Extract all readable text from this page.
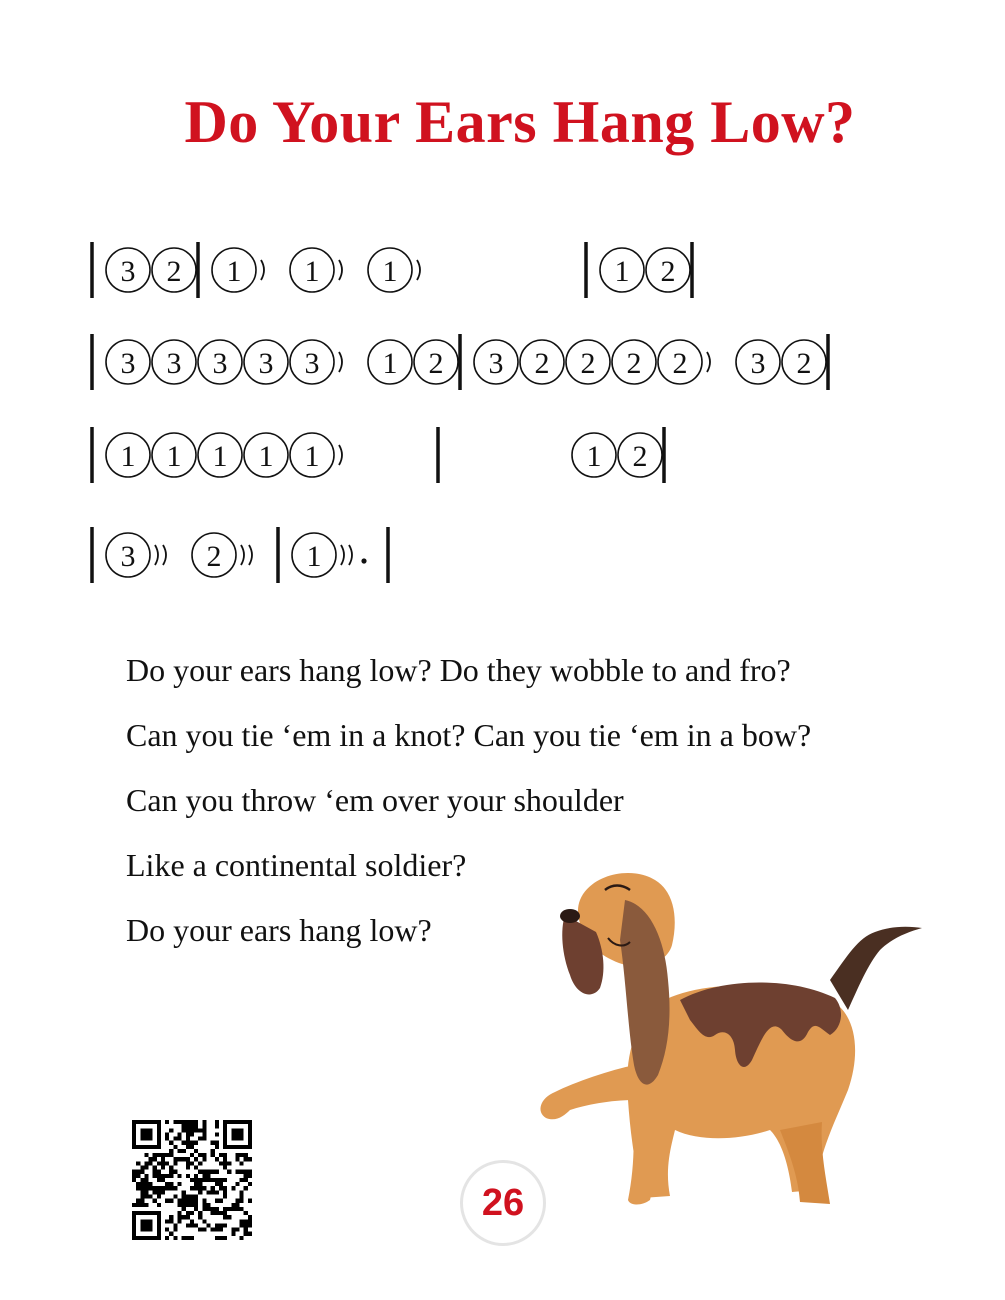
Do Your Ears Hang Low?
3 2 1 1 1	1 2
3 3 3 3 3 1 2 3 2 2 2 2 3 2
1 1 1 1 1	1 2
3 2	1
Do your ears hang low? Do they wobble to and fro?
Can you tie ‘em in a knot? Can you tie ‘em in a bow?
Can you throw ‘em over your shoulder
Like a continental soldier?
Do your ears hang low?
26
